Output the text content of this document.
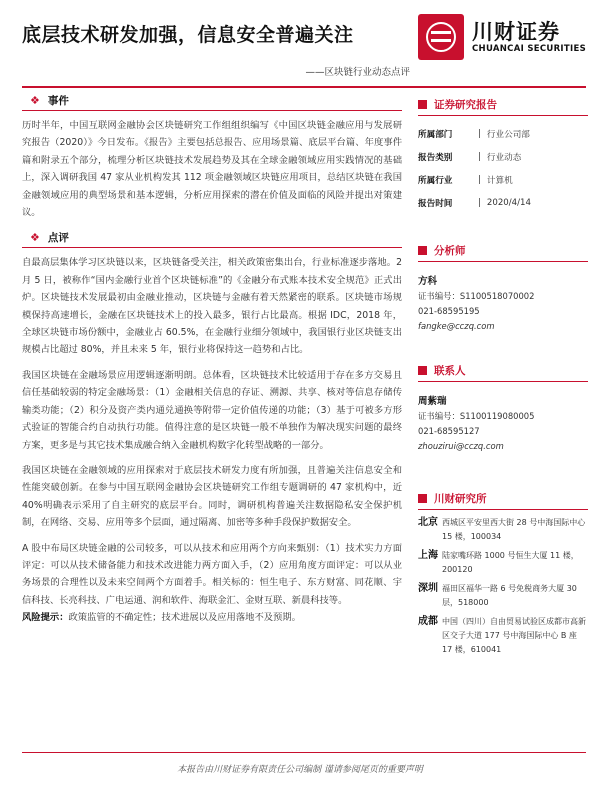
底层技术研发加强，信息安全普遍关注
——区块链行业动态点评
川财证券
CHUANCAI SECURITIES
❖ 事件

历时半年，中国互联网金融协会区块链研究工作组组织编写《中国区块链金融应用与发展研究报告（2020）》今日发布。《报告》主要包括总报告、应用场景篇、底层平台篇、年度事件篇和附录五个部分，梳理分析区块链技术发展趋势及其在全球金融领域应用实践情况的基础上，深入调研我国 47 家从业机构发其 112 项金融领域区块链应用项目，总结区块链在我国金融领域应用的典型场景和基本逻辑，分析应用探索的潜在价值及面临的风险并提出对策建议。

❖ 点评

自最高层集体学习区块链以来，区块链备受关注，相关政策密集出台，行业标准逐步落地。2 月 5 日，被称作“国内金融行业首个区块链标准”的《金融分布式账本技术安全规范》正式出炉。区块链技术发展最初由金融业推动，区块链与金融有着天然紧密的联系。区块链市场规模保持高速增长，金融在区块链技术上的投入最多，银行占比最高。根据 IDC，2018 年，全球区块链市场份额中，金融业占 60.5%，在金融行业细分领域中，我国银行业区块链支出规模占比超过 80%，并且未来 5 年，银行业将保持这一趋势和占比。

我国区块链在金融场景应用逻辑逐渐明朗。总体看，区块链技术比较适用于存在多方交易且信任基础较弱的特定金融场景：（1）金融相关信息的存证、溯源、共享、核对等信息存储传输类功能；（2）积分及资产类内通兑通换等附带一定价值传递的功能；（3）基于可被多方形式验证的智能合约自动执行功能。值得注意的是区块链一般不单独作为解决现实问题的最终方案，更多是与其它技术集成融合纳入金融机构数字化转型战略的一部分。

我国区块链在金融领域的应用探索对于底层技术研发力度有所加强，且普遍关注信息安全和性能突破创新。在参与中国互联网金融协会区块链研究工作组专题调研的 47 家机构中，近 40%明确表示采用了自主研究的底层平台。同时，调研机构普遍关注数据隐私安全保护机制，在网络、交易、应用等多个层面，通过隔离、加密等多种手段保护数据安全。

A 股中布局区块链金融的公司较多，可以从技术和应用两个方向来甄别：（1）技术实力方面评定：可以从技术储备能力和技术改进能力两方面入手，（2）应用角度方面评定：可以从业务场景的合理性以及未来空间两个方面着手。相关标的：恒生电子、东方财富、同花顺、宇信科技、长亮科技、广电运通、润和软件、海联金汇、金财互联、新晨科技等。

风险提示：政策监管的不确定性；技术进展以及应用落地不及预期。

证券研究报告
所属部门	| 行业公司部
报告类别	| 行业动态
所属行业	| 计算机
报告时间	| 2020/4/14
分析师
方科
证书编号：S1100518070002
021-68595195
fangke@cczq.com
联系人
周紫瑞
证书编号：S1100119080005
021-68595127
zhouzirui@cczq.com
川财研究所
北京 西城区平安里西大街 28 号中海国际中心 15 楼，100034
上海 陆家嘴环路 1000 号恒生大厦 11 楼，200120
深圳 福田区福华一路 6 号免税商务大厦 30 层，518000
成都 中国（四川）自由贸易试验区成都市高新区交子大道 177 号中海国际中心 B 座 17 楼，610041
本报告由川财证券有限责任公司编制 谨请参阅尾页的重要声明
